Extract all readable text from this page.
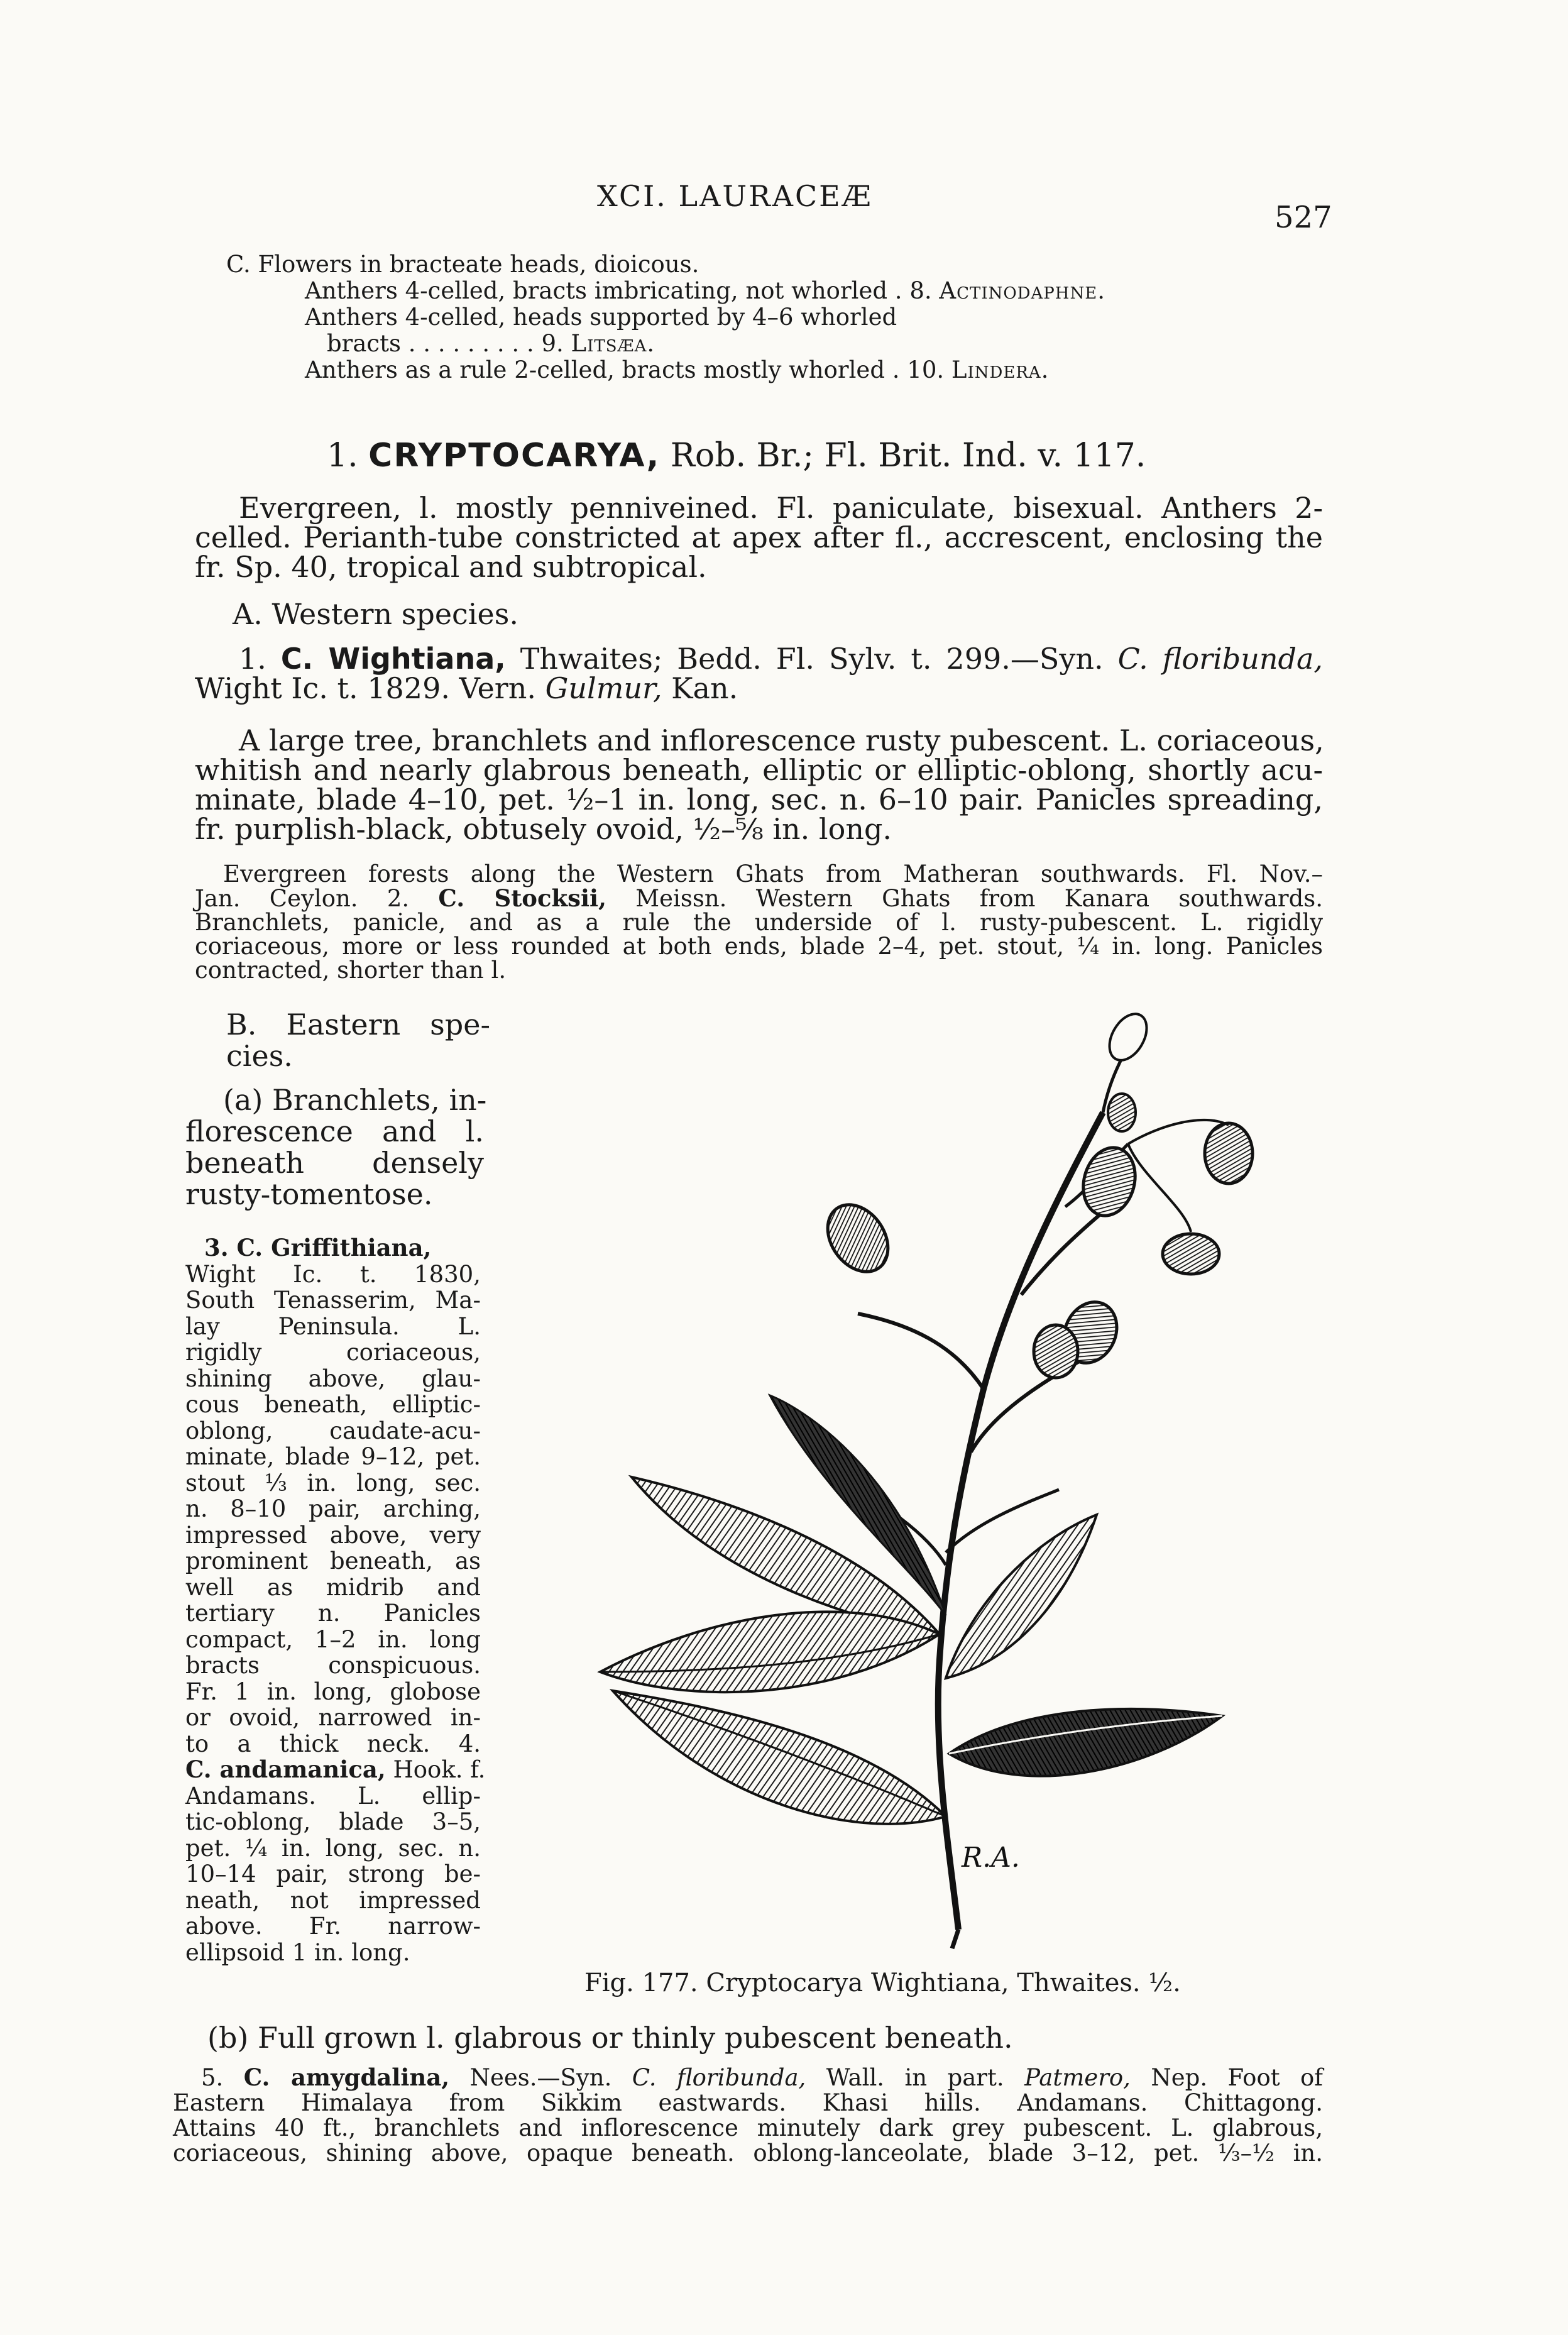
XCI. LAURACEÆ
527
C. Flowers in bracteate heads, dioicous.
Anthers 4-celled, bracts imbricating, not whorled . 8. Actinodaphne.
Anthers 4-celled, heads supported by 4–6 whorled
bracts . . . . . . . . . 9. Litsæa.
Anthers as a rule 2-celled, bracts mostly whorled . 10. Lindera.
1. CRYPTOCARYA, Rob. Br.; Fl. Brit. Ind. v. 117.
Evergreen, l. mostly penniveined. Fl. paniculate, bisexual. Anthers 2-
celled. Perianth-tube constricted at apex after fl., accrescent, enclosing the
fr. Sp. 40, tropical and subtropical.
A. Western species.
1. C. Wightiana, Thwaites; Bedd. Fl. Sylv. t. 299.—Syn. C. floribunda,
Wight Ic. t. 1829. Vern. Gulmur, Kan.
A large tree, branchlets and inflorescence rusty pubescent. L. coriaceous,
whitish and nearly glabrous beneath, elliptic or elliptic-oblong, shortly acu-
minate, blade 4–10, pet. ½–1 in. long, sec. n. 6–10 pair. Panicles spreading,
fr. purplish-black, obtusely ovoid, ½–⅝ in. long.
Evergreen forests along the Western Ghats from Matheran southwards. Fl. Nov.–
Jan. Ceylon. 2. C. Stocksii, Meissn. Western Ghats from Kanara southwards.
Branchlets, panicle, and as a rule the underside of l. rusty-pubescent. L. rigidly
coriaceous, more or less rounded at both ends, blade 2–4, pet. stout, ¼ in. long. Panicles
contracted, shorter than l.
B. Eastern spe-
cies.
(a) Branchlets, in-
florescence and l.
beneath densely
rusty-tomentose.
3. C. Griffithiana,
Wight Ic. t. 1830,
South Tenasserim, Ma-
lay Peninsula. L.
rigidly coriaceous,
shining above, glau-
cous beneath, elliptic-
oblong, caudate-acu-
minate, blade 9–12, pet.
stout ⅓ in. long, sec.
n. 8–10 pair, arching,
impressed above, very
prominent beneath, as
well as midrib and
tertiary n. Panicles
compact, 1–2 in. long
bracts conspicuous.
Fr. 1 in. long, globose
or ovoid, narrowed in-
to a thick neck. 4.
C. andamanica, Hook. f.
Andamans. L. ellip-
tic-oblong, blade 3–5,
pet. ¼ in. long, sec. n.
10–14 pair, strong be-
neath, not impressed
above. Fr. narrow-
ellipsoid 1 in. long.
R.A.
Fig. 177. Cryptocarya Wightiana, Thwaites. ½.
(b) Full grown l. glabrous or thinly pubescent beneath.
5. C. amygdalina, Nees.—Syn. C. floribunda, Wall. in part. Patmero, Nep. Foot of
Eastern Himalaya from Sikkim eastwards. Khasi hills. Andamans. Chittagong.
Attains 40 ft., branchlets and inflorescence minutely dark grey pubescent. L. glabrous,
coriaceous, shining above, opaque beneath. oblong-lanceolate, blade 3–12, pet. ⅓–½ in.
